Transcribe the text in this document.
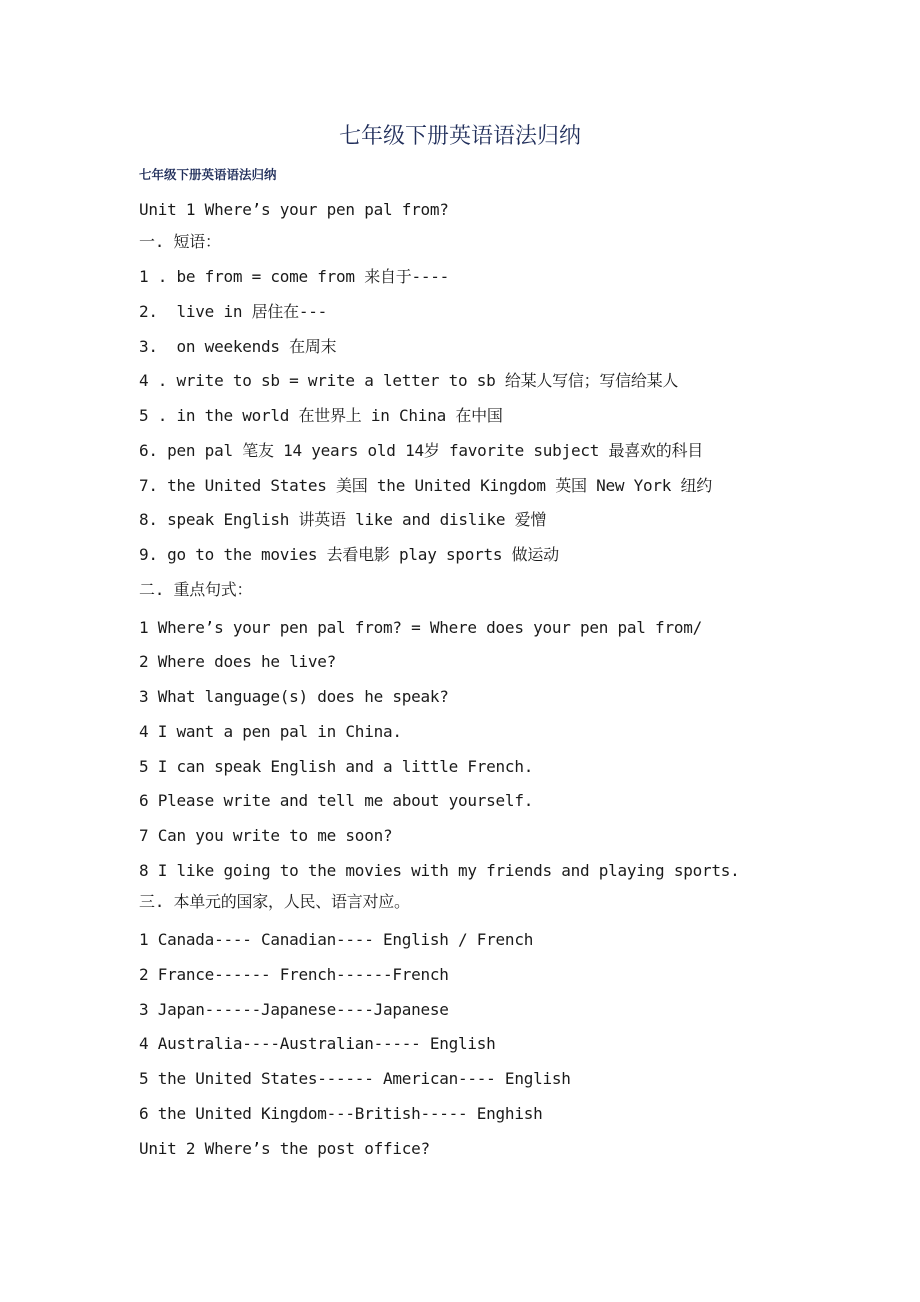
七年级下册英语语法归纳
七年级下册英语语法归纳
Unit 1 Where’s your pen pal from?
一. 短语：
1 . be from = come from 来自于----
2.  live in 居住在---
3.  on weekends 在周末
4 . write to sb = write a letter to sb 给某人写信；写信给某人
5 . in the world 在世界上 in China 在中国
6. pen pal 笔友 14 years old 14岁 favorite subject 最喜欢的科目
7. the United States 美国 the United Kingdom 英国 New York 纽约
8. speak English 讲英语 like and dislike 爱憎
9. go to the movies 去看电影 play sports 做运动
二. 重点句式：
1 Where’s your pen pal from? = Where does your pen pal from/
2 Where does he live?
3 What language(s) does he speak?
4 I want a pen pal in China.
5 I can speak English and a little French.
6 Please write and tell me about yourself.
7 Can you write to me soon?
8 I like going to the movies with my friends and playing sports.
三. 本单元的国家，人民、语言对应。
1 Canada---- Canadian---- English / French
2 France------ French------French
3 Japan------Japanese----Japanese
4 Australia----Australian----- English
5 the United States------ American---- English
6 the United Kingdom---British----- Enghish
Unit 2 Where’s the post office?
